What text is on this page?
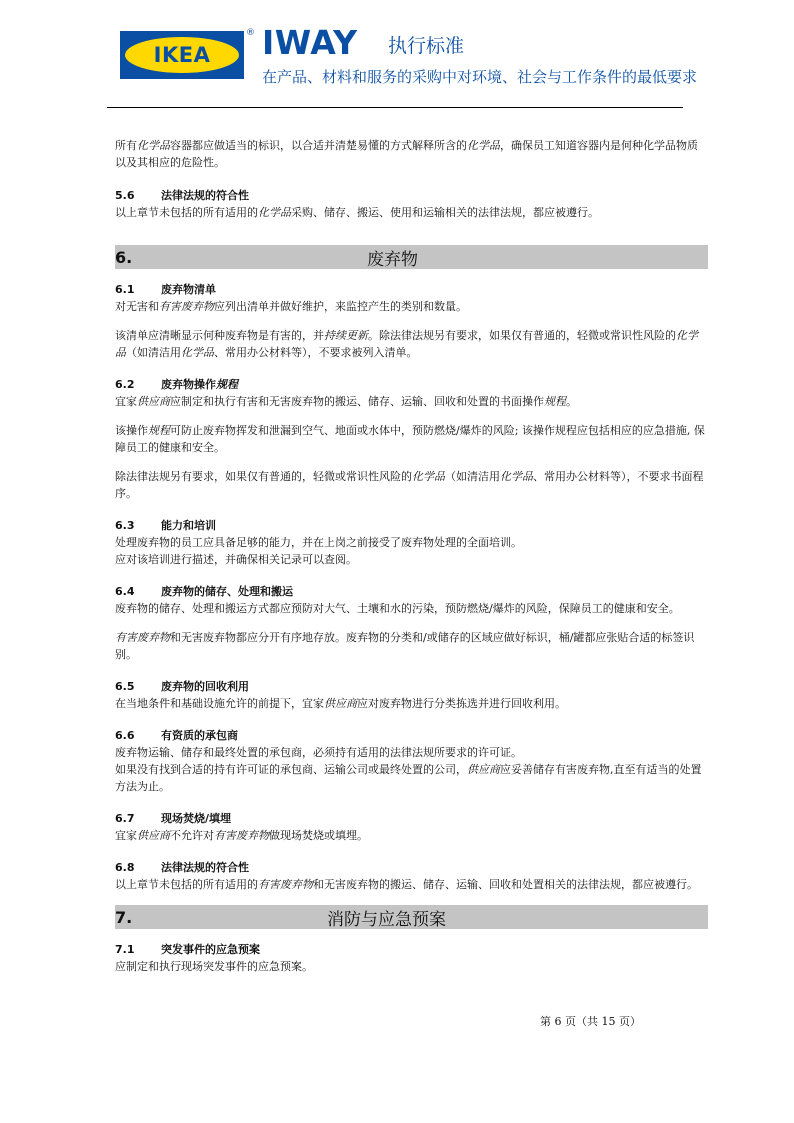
IKEA
® IWAY 执行标准
在产品、材料和服务的采购中对环境、社会与工作条件的最低要求

所有化学品容器都应做适当的标识，以合适并清楚易懂的方式解释所含的化学品，确保员工知道容器内是何种化学品物质以及其相应的危险性。

5.6	法律法规的符合性

以上章节未包括的所有适用的化学品采购、储存、搬运、使用和运输相关的法律法规，都应被遵行。

6.	废弃物
6.1	废弃物清单

对无害和有害废弃物应列出清单并做好维护，来监控产生的类别和数量。

该清单应清晰显示何种废弃物是有害的，并持续更新。除法律法规另有要求，如果仅有普通的，轻微或常识性风险的化学品（如清洁用化学品、常用办公材料等），不要求被列入清单。

6.2	废弃物操作规程

宜家供应商应制定和执行有害和无害废弃物的搬运、储存、运输、回收和处置的书面操作规程。

该操作规程可防止废弃物挥发和泄漏到空气、地面或水体中，预防燃烧/爆炸的风险; 该操作规程应包括相应的应急措施, 保障员工的健康和安全。

除法律法规另有要求，如果仅有普通的，轻微或常识性风险的化学品（如清洁用化学品、常用办公材料等），不要求书面程序。

6.3	能力和培训

处理废弃物的员工应具备足够的能力，并在上岗之前接受了废弃物处理的全面培训。

应对该培训进行描述，并确保相关记录可以查阅。

6.4	废弃物的储存、处理和搬运

废弃物的储存、处理和搬运方式都应预防对大气、土壤和水的污染，预防燃烧/爆炸的风险，保障员工的健康和安全。

有害废弃物和无害废弃物都应分开有序地存放。废弃物的分类和/或储存的区域应做好标识，桶/罐都应张贴合适的标签识别。

6.5	废弃物的回收利用

在当地条件和基础设施允许的前提下，宜家供应商应对废弃物进行分类拣选并进行回收利用。

6.6	有资质的承包商

废弃物运输、储存和最终处置的承包商，必须持有适用的法律法规所要求的许可证。

如果没有找到合适的持有许可证的承包商、运输公司或最终处置的公司，供应商应妥善储存有害废弃物,直至有适当的处置方法为止。

6.7	现场焚烧/填埋

宜家供应商不允许对有害废弃物做现场焚烧或填埋。

6.8	法律法规的符合性

以上章节未包括的所有适用的有害废弃物和无害废弃物的搬运、储存、运输、回收和处置相关的法律法规，都应被遵行。

7.	消防与应急预案
7.1	突发事件的应急预案

应制定和执行现场突发事件的应急预案。

第 6 页（共 15 页）
